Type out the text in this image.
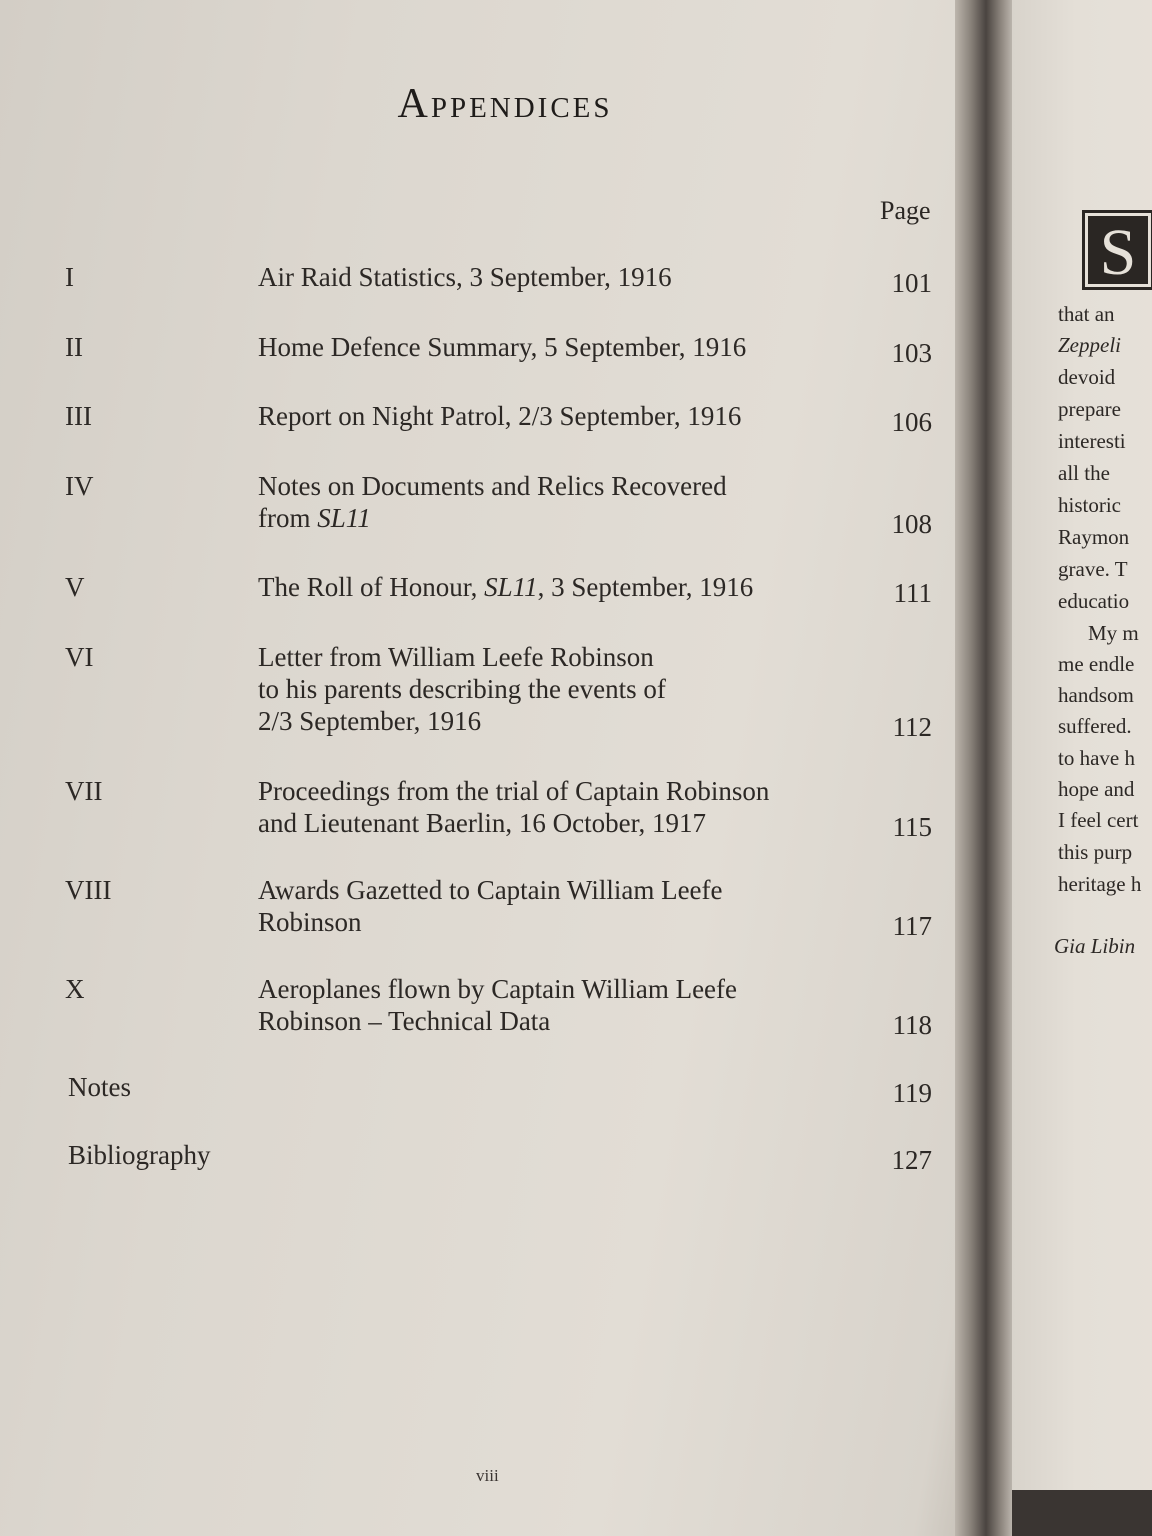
Appendices
Page
I	Air Raid Statistics, 3 September, 1916	101
II	Home Defence Summary, 5 September, 1916	103
III	Report on Night Patrol, 2/3 September, 1916	106
IV	Notes on Documents and Relics Recovered
from SL11	108
V	The Roll of Honour, SL11, 3 September, 1916	111
VI	Letter from William Leefe Robinson
to his parents describing the events of
2/3 September, 1916	112
VII	Proceedings from the trial of Captain Robinson
and Lieutenant Baerlin, 16 October, 1917	115
VIII	Awards Gazetted to Captain William Leefe
Robinson	117
X	Aeroplanes flown by Captain William Leefe
Robinson – Technical Data	118
Notes	119
Bibliography	127
viii
S
that an
Zeppeli
devoid
prepare
interesti
all the
historic
Raymon
grave. T
educatio
My m
me endle
handsom
suffered.
to have h
hope and
I feel cert
this purp
heritage h
Gia Libin
